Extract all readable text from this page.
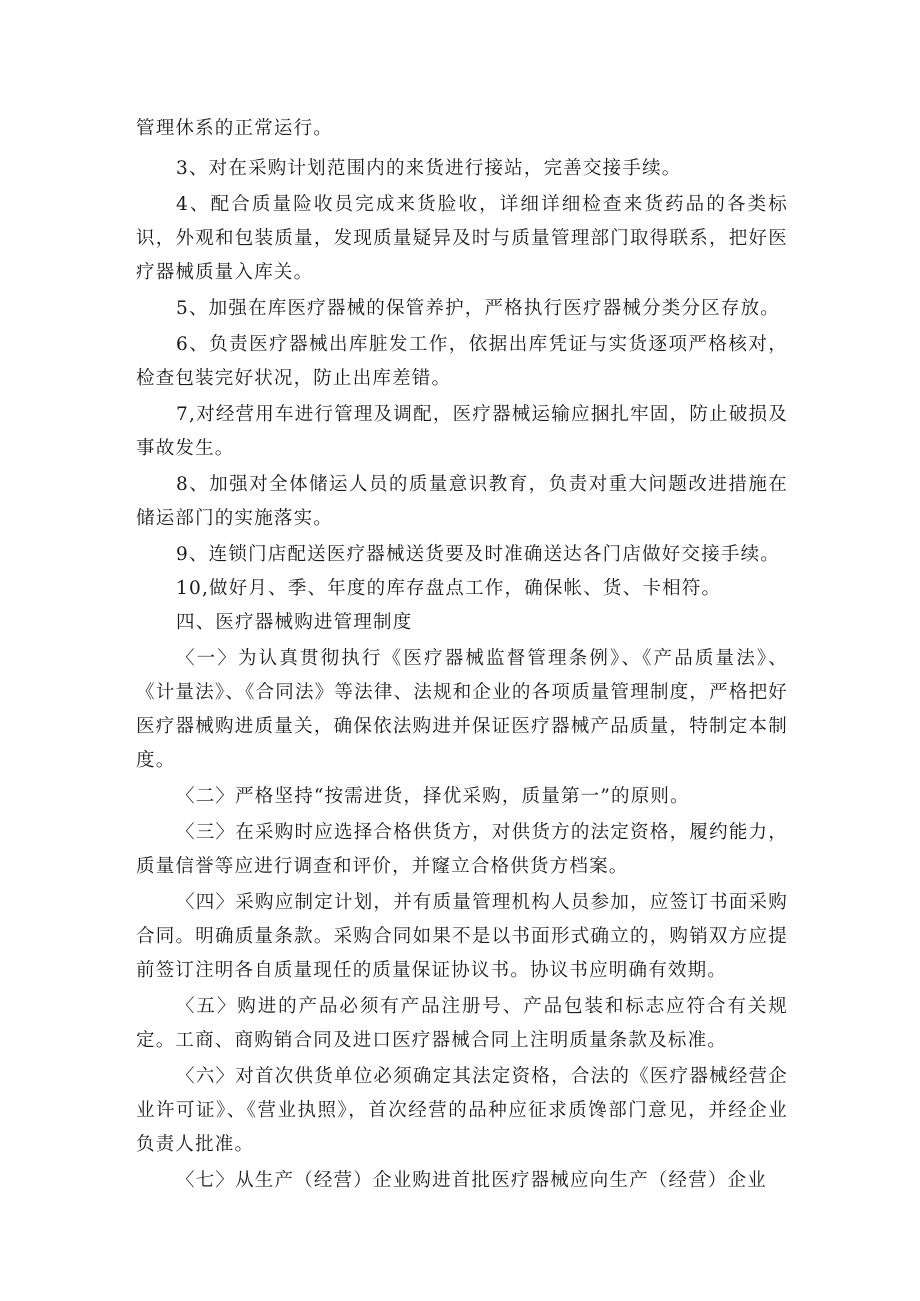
管理休系的正常运行。

3、对在采购计划范围内的来货进行接站，完善交接手续。

4、配合质量险收员完成来货脸收，详细详细检查来货药品的各类标识，外观和包装质量，发现质量疑异及时与质量管理部门取得联系，把好医疗器械质量入库关。

5、加强在库医疗器械的保管养护，严格执行医疗器械分类分区存放。

6、负责医疗器械出库脏发工作，依据出库凭证与实货逐项严格核对，检查包装完好状况，防止出库差错。

7,对经营用车进行管理及调配，医疗器械运输应捆扎牢固，防止破损及事故发生。

8、加强对全体储运人员的质量意识教育，负责对重大问题改进措施在储运部门的实施落实。

9、连锁门店配送医疗器械送货要及时准确送达各门店做好交接手续。

10,做好月、季、年度的库存盘点工作，确保帐、货、卡相符。

四、医疗器械购进管理制度

〈一〉为认真贯彻执行《医疗器械监督管理条例》、《产品质量法》、《计量法》、《合同法》等法律、法规和企业的各项质量管理制度，严格把好医疗器械购进质量关，确保依法购进并保证医疗器械产品质量，特制定本制度。

〈二〉严格坚持“按需进货，择优采购，质量第一”的原则。

〈三〉在采购时应选择合格供货方，对供货方的法定资格，履约能力，质量信誉等应进行调查和评价，并窿立合格供货方档案。

〈四〉采购应制定计划，并有质量管理机构人员参加，应签订书面采购合同。明确质量条款。采购合同如果不是以书面形式确立的，购销双方应提前签订注明各自质量现任的质量保证协议书。协议书应明确有效期。

〈五〉购进的产品必须有产品注册号、产品包装和标志应符合有关规定。工商、商购销合同及进口医疗器械合同上注明质量条款及标准。

〈六〉对首次供货单位必须确定其法定资格，合法的《医疗器械经营企业许可证》、《营业执照》，首次经营的品种应征求质馋部门意见，并经企业负责人批准。

〈七〉从生产（经营）企业购进首批医疗器械应向生产（经营）企业
